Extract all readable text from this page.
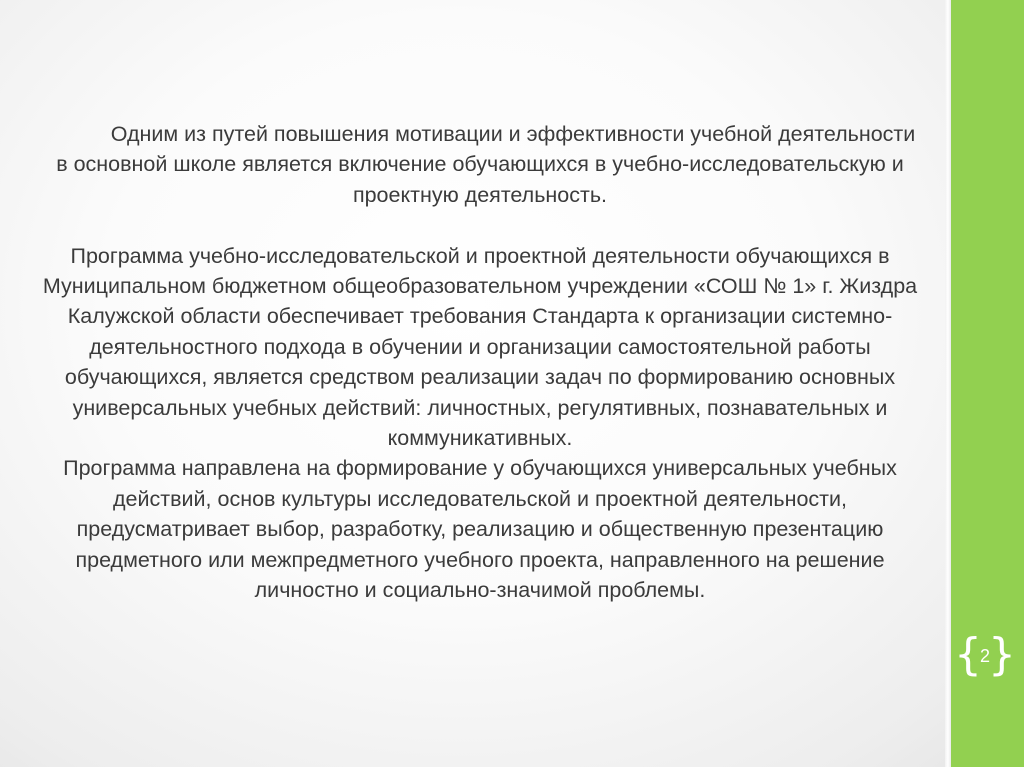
{
2
}

Одним из путей повышения мотивации и эффективности учебной деятельности в основной школе является включение обучающихся в учебно-исследовательскую и проектную деятельность.

Программа учебно-исследовательской и проектной деятельности обучающихся в Муниципальном бюджетном общеобразовательном учреждении «СОШ № 1» г. Жиздра Калужской области обеспечивает требования Стандарта к организации системно-деятельностного подхода в обучении и организации самостоятельной работы обучающихся, является средством реализации задач по формированию основных универсальных учебных действий: личностных, регулятивных, познавательных и коммуникативных.

Программа направлена на формирование у обучающихся универсальных учебных действий, основ культуры исследовательской и проектной деятельности, предусматривает выбор, разработку, реализацию и общественную презентацию предметного или межпредметного учебного проекта, направленного на решение личностно и социально-значимой проблемы.
